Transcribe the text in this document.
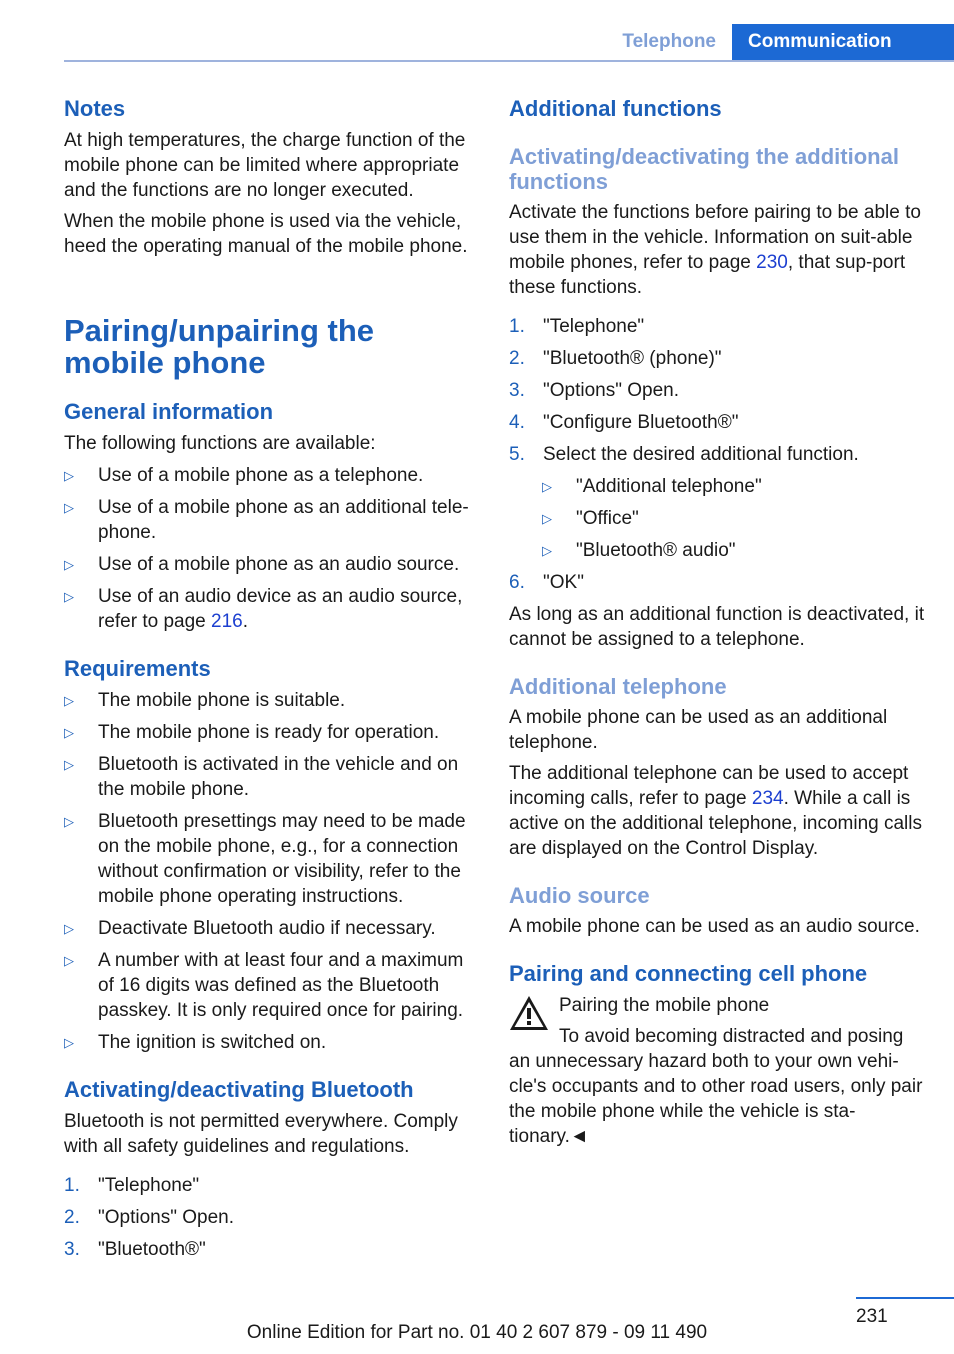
Telephone	Communication
Notes

At high temperatures, the charge function of the mobile phone can be limited where appropriate and the functions are no longer executed.

When the mobile phone is used via the vehicle, heed the operating manual of the mobile phone.

Pairing/unpairing the mobile phone
General information

The following functions are available:

▷ Use of a mobile phone as a telephone.
▷ Use of a mobile phone as an additional tele‐phone.
▷ Use of a mobile phone as an audio source.
▷ Use of an audio device as an audio source, refer to page 216.
Requirements
▷ The mobile phone is suitable.
▷ The mobile phone is ready for operation.
▷ Bluetooth is activated in the vehicle and on the mobile phone.
▷ Bluetooth presettings may need to be made on the mobile phone, e.g., for a connection without confirmation or visibility, refer to the mobile phone operating instructions.
▷ Deactivate Bluetooth audio if necessary.
▷ A number with at least four and a maximum of 16 digits was defined as the Bluetooth passkey. It is only required once for pairing.
▷ The ignition is switched on.
Activating/deactivating Bluetooth

Bluetooth is not permitted everywhere. Comply with all safety guidelines and regulations.

1. "Telephone"
2. "Options" Open.
3. "Bluetooth®"
Additional functions
Activating/deactivating the additional functions

Activate the functions before pairing to be able to use them in the vehicle. Information on suit‐able mobile phones, refer to page 230, that sup‐port these functions.

1. "Telephone"
2. "Bluetooth® (phone)"
3. "Options" Open.
4. "Configure Bluetooth®"
5. Select the desired additional function.
▷ "Additional telephone"
▷ "Office"
▷ "Bluetooth® audio"
6. "OK"

As long as an additional function is deactivated, it cannot be assigned to a telephone.

Additional telephone

A mobile phone can be used as an additional telephone.

The additional telephone can be used to accept incoming calls, refer to page 234. While a call is active on the additional telephone, incoming calls are displayed on the Control Display.

Audio source

A mobile phone can be used as an audio source.

Pairing and connecting cell phone

Pairing the mobile phone

To avoid becoming distracted and posing an unnecessary hazard both to your own vehi‐cle's occupants and to other road users, only pair the mobile phone while the vehicle is sta‐tionary.◄

231
Online Edition for Part no. 01 40 2 607 879 - 09 11 490
